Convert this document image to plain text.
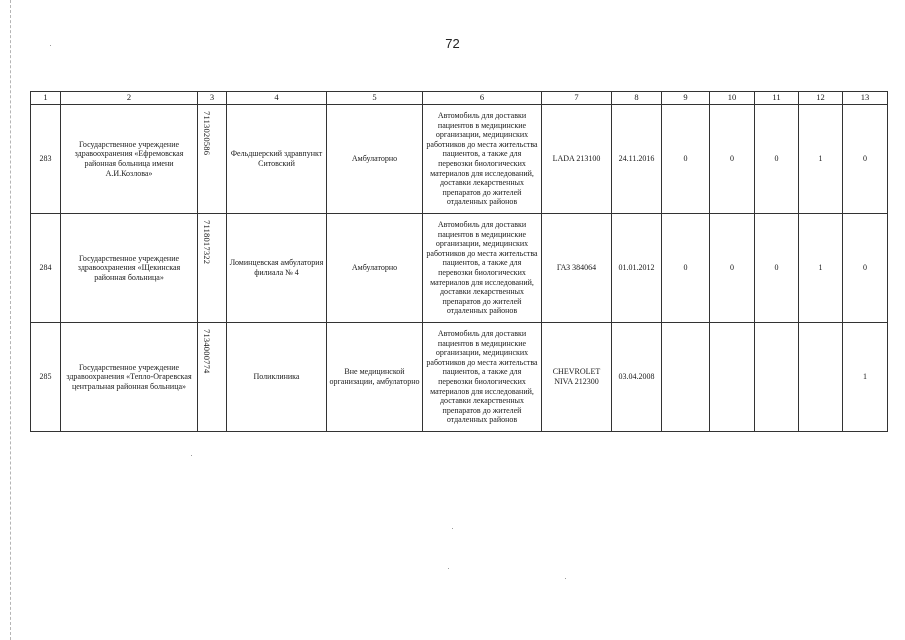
72
1	2	3	4	5	6	7	8	9	10	11	12	13
283	Государственное учреждение здравоохранения «Ефремовская районная больница имени А.И.Козлова»	7113020586	Фельдшерский здравпункт Ситовский	Амбулаторно	Автомобиль для доставки пациентов в медицинские организации, медицинских работников до места жительства пациентов, а также для перевозки биологических материалов для исследований, доставки лекарственных препаратов до жителей отдаленных районов	LADA 213100	24.11.2016	0	0	0	1	0
284	Государственное учреждение здравоохранения «Щекинская районная больница»	7118017322	Ломинцевская амбулатория филиала № 4	Амбулаторно	Автомобиль для доставки пациентов в медицинские организации, медицинских работников до места жительства пациентов, а также для перевозки биологических материалов для исследований, доставки лекарственных препаратов до жителей отдаленных районов	ГАЗ 384064	01.01.2012	0	0	0	1	0
285	Государственное учреждение здравоохранения «Тепло-Огаревская центральная районная больница»	7134000774	Поликлиника	Вне медицинской организации, амбулаторно	Автомобиль для доставки пациентов в медицинские организации, медицинских работников до места жительства пациентов, а также для перевозки биологических материалов для исследований, доставки лекарственных препаратов до жителей отдаленных районов	CHEVROLET NIVA 212300	03.04.2008					1
